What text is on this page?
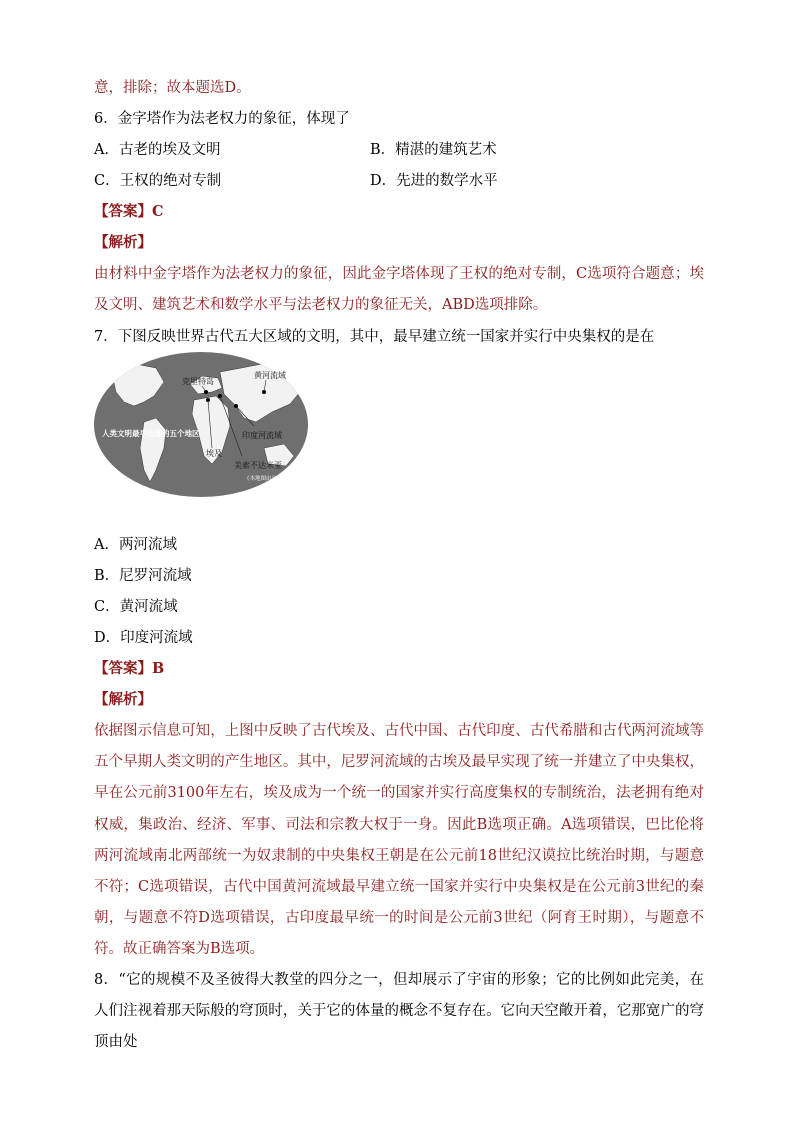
意，排除；故本题选D。
6．金字塔作为法老权力的象征，体现了
A．古老的埃及文明	B．精湛的建筑艺术
C．王权的绝对专制	D．先进的数学水平
【答案】C
【解析】
由材料中金字塔作为法老权力的象征，因此金字塔体现了王权的绝对专制，C选项符合题意；埃及文明、建筑艺术和数学水平与法老权力的象征无关，ABD选项排除。
7．下图反映世界古代五大区域的文明，其中，最早建立统一国家并实行中央集权的是在
克里特岛
黄河流域
印度河流域
埃及
美索不达米亚
人类文明最早出现的五个地区
《本地图由自制作》
A．两河流域
B．尼罗河流域
C．黄河流域
D．印度河流域
【答案】B
【解析】
依据图示信息可知，上图中反映了古代埃及、古代中国、古代印度、古代希腊和古代两河流域等五个早期人类文明的产生地区。其中，尼罗河流域的古埃及最早实现了统一并建立了中央集权，早在公元前3100年左右，埃及成为一个统一的国家并实行高度集权的专制统治，法老拥有绝对权威，集政治、经济、军事、司法和宗教大权于一身。因此B选项正确。A选项错误，巴比伦将两河流域南北两部统一为奴隶制的中央集权王朝是在公元前18世纪汉谟拉比统治时期，与题意不符；C选项错误，古代中国黄河流域最早建立统一国家并实行中央集权是在公元前3世纪的秦朝，与题意不符D选项错误，古印度最早统一的时间是公元前3世纪（阿育王时期），与题意不符。故正确答案为B选项。
8．“它的规模不及圣彼得大教堂的四分之一，但却展示了宇宙的形象；它的比例如此完美，在人们注视着那天际般的穹顶时，关于它的体量的概念不复存在。它向天空敞开着，它那宽广的穹顶由处
